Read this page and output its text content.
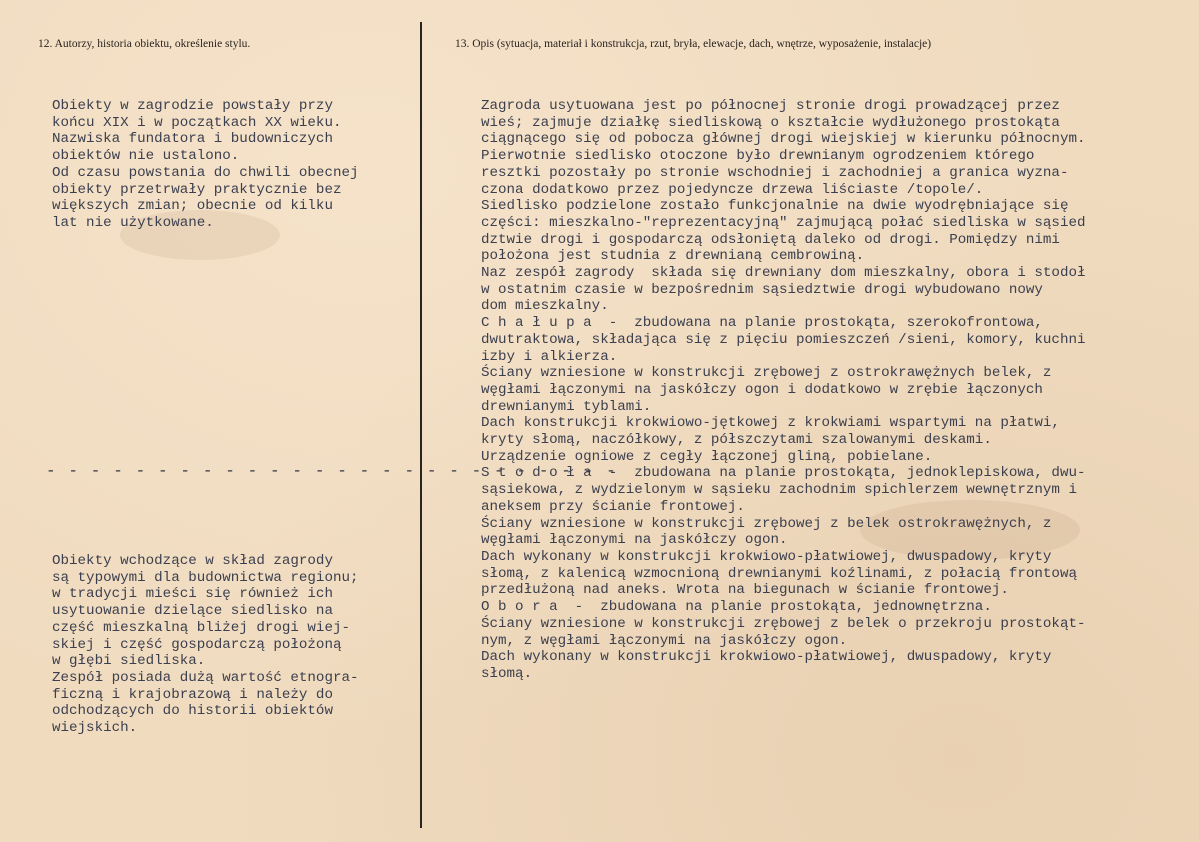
12. Autorzy, historia obiektu, określenie stylu.	13. Opis (sytuacja, materiał i konstrukcja, rzut, bryła, elewacje, dach, wnętrze, wyposażenie, instalacje)
Obiekty w zagrodzie powstały przy
końcu XIX i w początkach XX wieku.
Nazwiska fundatora i budowniczych
obiektów nie ustalono.
Od czasu powstania do chwili obecnej
obiekty przetrwały praktycznie bez
większych zmian; obecnie od kilku
lat nie użytkowane.
- - - - - - - - - - - - - - - - - - - - - - - - - -
Obiekty wchodzące w skład zagrody
są typowymi dla budownictwa regionu;
w tradycji mieści się również ich
usytuowanie dzielące siedlisko na
część mieszkalną bliżej drogi wiej-
skiej i część gospodarczą położoną
w głębi siedliska.
Zespół posiada dużą wartość etnogra-
ficzną i krajobrazową i należy do
odchodzących do historii obiektów
wiejskich.
Zagroda usytuowana jest po północnej stronie drogi prowadzącej przez
wieś; zajmuje działkę siedliskową o kształcie wydłużonego prostokąta
ciągnącego się od pobocza głównej drogi wiejskiej w kierunku północnym.
Pierwotnie siedlisko otoczone było drewnianym ogrodzeniem którego
resztki pozostały po stronie wschodniej i zachodniej a granica wyzna-
czona dodatkowo przez pojedyncze drzewa liściaste /topole/.
Siedlisko podzielone zostało funkcjonalnie na dwie wyodrębniające się
części: mieszkalno-"reprezentacyjną" zajmującą połać siedliska w sąsied
dztwie drogi i gospodarczą odsłoniętą daleko od drogi. Pomiędzy nimi
położona jest studnia z drewnianą cembrowiną.
Naz zespół zagrody  składa się drewniany dom mieszkalny, obora i stodoł
w ostatnim czasie w bezpośrednim sąsiedztwie drogi wybudowano nowy
dom mieszkalny.
C h a ł u p a  -  zbudowana na planie prostokąta, szerokofrontowa,
dwutraktowa, składająca się z pięciu pomieszczeń /sieni, komory, kuchni
izby i alkierza.
Ściany wzniesione w konstrukcji zrębowej z ostrokrawężnych belek, z
węgłami łączonymi na jaskółczy ogon i dodatkowo w zrębie łączonych
drewnianymi tyblami.
Dach konstrukcji krokwiowo-jętkowej z krokwiami wspartymi na płatwi,
kryty słomą, naczółkowy, z półszczytami szalowanymi deskami.
Urządzenie ogniowe z cegły łączonej gliną, pobielane.
S t o d o ł a  -  zbudowana na planie prostokąta, jednoklepiskowa, dwu-
sąsiekowa, z wydzielonym w sąsieku zachodnim spichlerzem wewnętrznym i
aneksem przy ścianie frontowej.
Ściany wzniesione w konstrukcji zrębowej z belek ostrokrawężnych, z
węgłami łączonymi na jaskółczy ogon.
Dach wykonany w konstrukcji krokwiowo-płatwiowej, dwuspadowy, kryty
słomą, z kalenicą wzmocnioną drewnianymi koźlinami, z połacią frontową
przedłużoną nad aneks. Wrota na biegunach w ścianie frontowej.
O b o r a  -  zbudowana na planie prostokąta, jednownętrzna.
Ściany wzniesione w konstrukcji zrębowej z belek o przekroju prostokąt-
nym, z węgłami łączonymi na jaskółczy ogon.
Dach wykonany w konstrukcji krokwiowo-płatwiowej, dwuspadowy, kryty
słomą.
